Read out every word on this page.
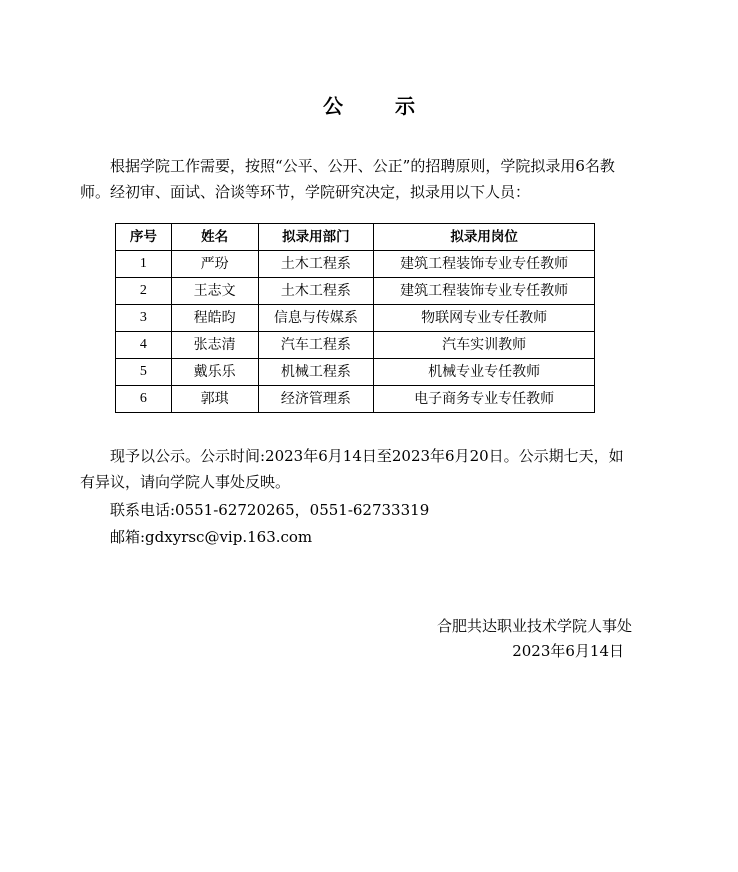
公　示
根据学院工作需要，按照“公平、公开、公正”的招聘原则，学院拟录用6名教师。经初审、面试、洽谈等环节，学院研究决定，拟录用以下人员：
序号	姓名	拟录用部门	拟录用岗位
1	严玢	土木工程系	建筑工程装饰专业专任教师
2	王志文	土木工程系	建筑工程装饰专业专任教师
3	程皓昀	信息与传媒系	物联网专业专任教师
4	张志清	汽车工程系	汽车实训教师
5	戴乐乐	机械工程系	机械专业专任教师
6	郭琪	经济管理系	电子商务专业专任教师
现予以公示。公示时间:2023年6月14日至2023年6月20日。公示期七天，如有异议，请向学院人事处反映。
联系电话:0551-62720265，0551-62733319
邮箱:gdxyrsc@vip.163.com
合肥共达职业技术学院人事处
2023年6月14日
